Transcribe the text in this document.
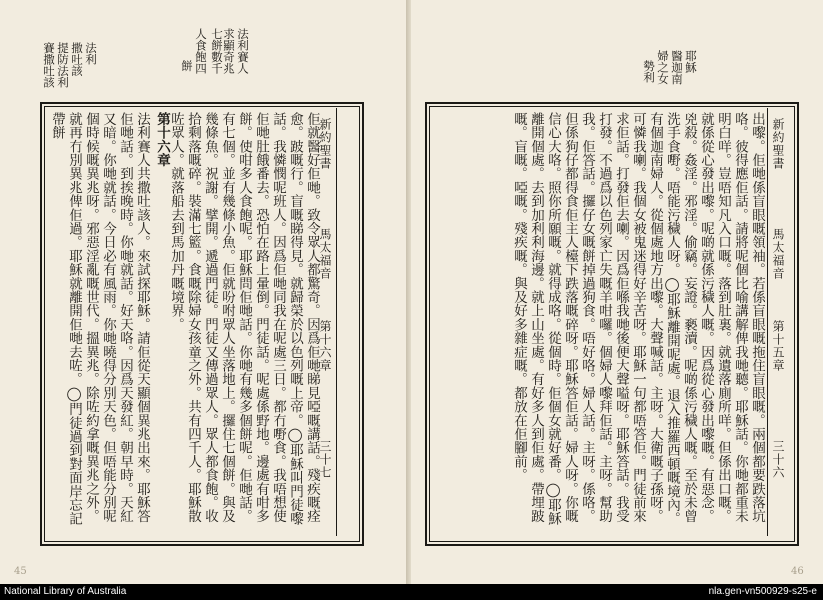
法利賽人
求顯奇兆
七餅數千
人食飽四
餅
法利
撒吐該
提防法利
賽撒吐該
新約聖書
馬太福音
第十六章
三十七
佢就醫好佢哋。致令眾人都驚奇。因爲佢哋睇見啞嘅講話。殘疾嘅痊愈。跛嘅行。盲嘅睇得見。就歸榮於以色列嘅上帝。◯耶穌叫門徒嚟話。我憐憫呢班人。因爲佢哋同我在呢處三日。都冇嘢食。我唔想使佢哋肚餓番去。恐怕在路上暈倒。門徒話。呢處係野地。邊處有咁多餅。使咁多人食飽呢。耶穌問佢哋話。你哋有幾多個餅呢。佢哋話。有七個。並有幾條小魚。佢就吩咐眾人坐落地上。攞住七個餅。與及幾條魚。祝謝。擘開。遞過門徒。門徒又傳過眾人。眾人都食飽。收拾剩落嘅碎。裝滿七籃。食嘅除婦女孩童之外。共有四千人。耶穌散咗眾人。就落船去到馬加丹嘅境界。
第十六章
法利賽人共撒吐該人。來試探耶穌。請佢從天顯個異兆出來。耶穌答佢哋話。到挨晚時。你哋就話。好天咯。因爲天發紅。朝早時。天紅又暗。你哋就話。今日必有風雨。你哋曉得分別天色。但唔能分別呢個時候嘅異兆呀。邪惡淫亂嘅世代。搵異兆。除咗約拿嘅異兆之外。就再冇別異兆俾佢過。耶穌就離開佢哋去咗。◯門徒過到對面岸忘記帶餅
45

耶穌
醫迦南
婦之女
勢利
新約聖書
馬太福音
第十五章
三十六
出嚟。佢哋係盲眼嘅領袖。若係盲眼嘅拖住盲眼嘅。兩個都要跌落坑咯。彼得應佢話。請將呢個比喻講解俾我哋聽。耶穌話。你哋都重未明白咩。豈唔知凡入口嘅。落到肚裏。就遺落廁所咩。但係出口嘅。就係從心發出嚟。呢啲就係污穢人嘅。因爲從心發出嚟嘅。有惡念。兇殺。姦淫。邪淫。偷竊。妄證。褻瀆。呢啲係污穢人嘅。至於未曾洗手食嘢。唔能污穢人呀。◯耶穌離開呢處。退入推羅西頓嘅境內。有個迦南婦人。從個處地方出嚟。大聲喊話。主呀。大衛嘅子孫呀。可憐我喇。我個女被鬼迷得好辛苦呀。耶穌一句都唔答佢。門徒前來求佢話。打發佢去喇。因爲佢喺我哋後便大聲嗌呀。耶穌答話。我受打發。不過爲以色列家亡失嘅羊咁囉。個婦人嚟拜佢話。主呀。幫助我。佢答話。攞仔女嘅餅掉過狗食。唔好咯。婦人話。主呀。係咯。但係狗仔都得食佢主人檯下跌落嘅碎呀。耶穌答佢話。婦人呀。你嘅信心大咯。照你所願嘅。就得成咯。從個時。佢個女就好番。◯耶穌離開個處。去到加利利海邊。就上山坐處。有好多人到佢處。帶埋跛嘅。盲嘅。啞嘅。殘疾嘅。與及好多雜症嘅。都放在佢腳前。
46
National Library of Australia	nla.gen-vn500929-s25-e
